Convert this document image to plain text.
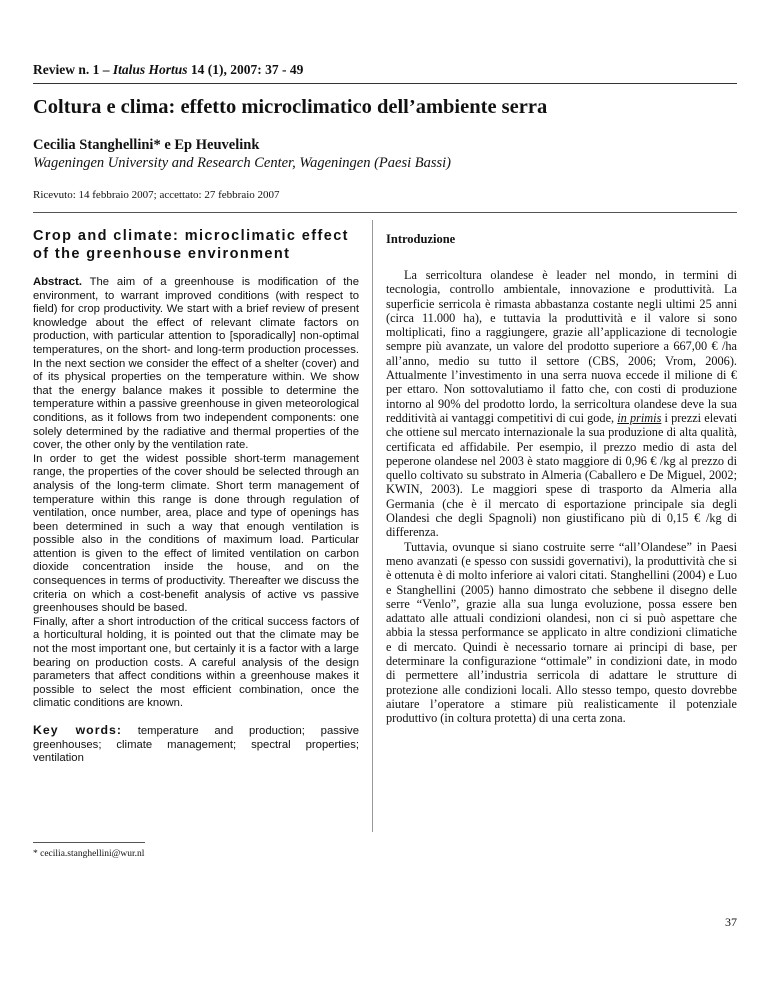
Review n. 1 – Italus Hortus 14 (1), 2007: 37 - 49
Coltura e clima: effetto microclimatico dell’ambiente serra
Cecilia Stanghellini* e Ep Heuvelink
Wageningen University and Research Center, Wageningen (Paesi Bassi)
Ricevuto: 14 febbraio 2007; accettato: 27 febbraio 2007
Crop and climate: microclimatic effect of the greenhouse environment

Abstract. The aim of a greenhouse is modification of the environment, to warrant improved conditions (with respect to field) for crop productivity. We start with a brief review of present knowledge about the effect of relevant climate factors on production, with particular attention to [sporadically] non-optimal temperatures, on the short- and long-term production processes. In the next section we consider the effect of a shelter (cover) and of its physical properties on the temperature within. We show that the energy balance makes it possible to determine the temperature within a passive greenhouse in given meteorological conditions, as it follows from two independent components: one solely determined by the radiative and thermal properties of the cover, the other only by the ventilation rate.

In order to get the widest possible short-term management range, the properties of the cover should be selected through an analysis of the long-term climate. Short term management of temperature within this range is done through regulation of ventilation, once number, area, place and type of openings has been determined in such a way that enough ventilation is possible also in the conditions of maximum load. Particular attention is given to the effect of limited ventilation on carbon dioxide concentration inside the house, and on the consequences in terms of productivity. Thereafter we discuss the criteria on which a cost-benefit analysis of active vs passive greenhouses should be based.

Finally, after a short introduction of the critical success factors of a horticultural holding, it is pointed out that the climate may be not the most important one, but certainly it is a factor with a large bearing on production costs. A careful analysis of the design parameters that affect conditions within a greenhouse makes it possible to select the most efficient combination, once the climatic conditions are known.

Key words: temperature and production; passive greenhouses; climate management; spectral properties; ventilation

Introduzione

La serricoltura olandese è leader nel mondo, in termini di tecnologia, controllo ambientale, innovazione e produttività. La superficie serricola è rimasta abbastanza costante negli ultimi 25 anni (circa 11.000 ha), e tuttavia la produttività e il valore si sono moltiplicati, fino a raggiungere, grazie all’applicazione di tecnologie sempre più avanzate, un valore del prodotto superiore a 667,00 € /ha all’anno, medio su tutto il settore (CBS, 2006; Vrom, 2006). Attualmente l’investimento in una serra nuova eccede il milione di € per ettaro. Non sottovalutiamo il fatto che, con costi di produzione intorno al 90% del prodotto lordo, la serricoltura olandese deve la sua redditività ai vantaggi competitivi di cui gode, in primis i prezzi elevati che ottiene sul mercato internazionale la sua produzione di alta qualità, certificata ed affidabile. Per esempio, il prezzo medio di asta del peperone olandese nel 2003 è stato maggiore di 0,96 € /kg al prezzo di quello coltivato su substrato in Almeria (Caballero e De Miguel, 2002; KWIN, 2003). Le maggiori spese di trasporto da Almeria alla Germania (che è il mercato di esportazione principale sia degli Olandesi che degli Spagnoli) non giustificano più di 0,15 € /kg di differenza.

Tuttavia, ovunque si siano costruite serre “all’Olandese” in Paesi meno avanzati (e spesso con sussidi governativi), la produttività che si è ottenuta è di molto inferiore ai valori citati. Stanghellini (2004) e Luo e Stanghellini (2005) hanno dimostrato che sebbene il disegno delle serre “Venlo”, grazie alla sua lunga evoluzione, possa essere ben adattato alle attuali condizioni olandesi, non ci si può aspettare che abbia la stessa performance se applicato in altre condizioni climatiche e di mercato. Quindi è necessario tornare ai principi di base, per determinare la configurazione “ottimale” in condizioni date, in modo di permettere all’industria serricola di adattare le strutture di protezione alle condizioni locali. Allo stesso tempo, questo dovrebbe aiutare l’operatore a stimare più realisticamente il potenziale produttivo (in coltura protetta) di una certa zona.

* cecilia.stanghellini@wur.nl
37
